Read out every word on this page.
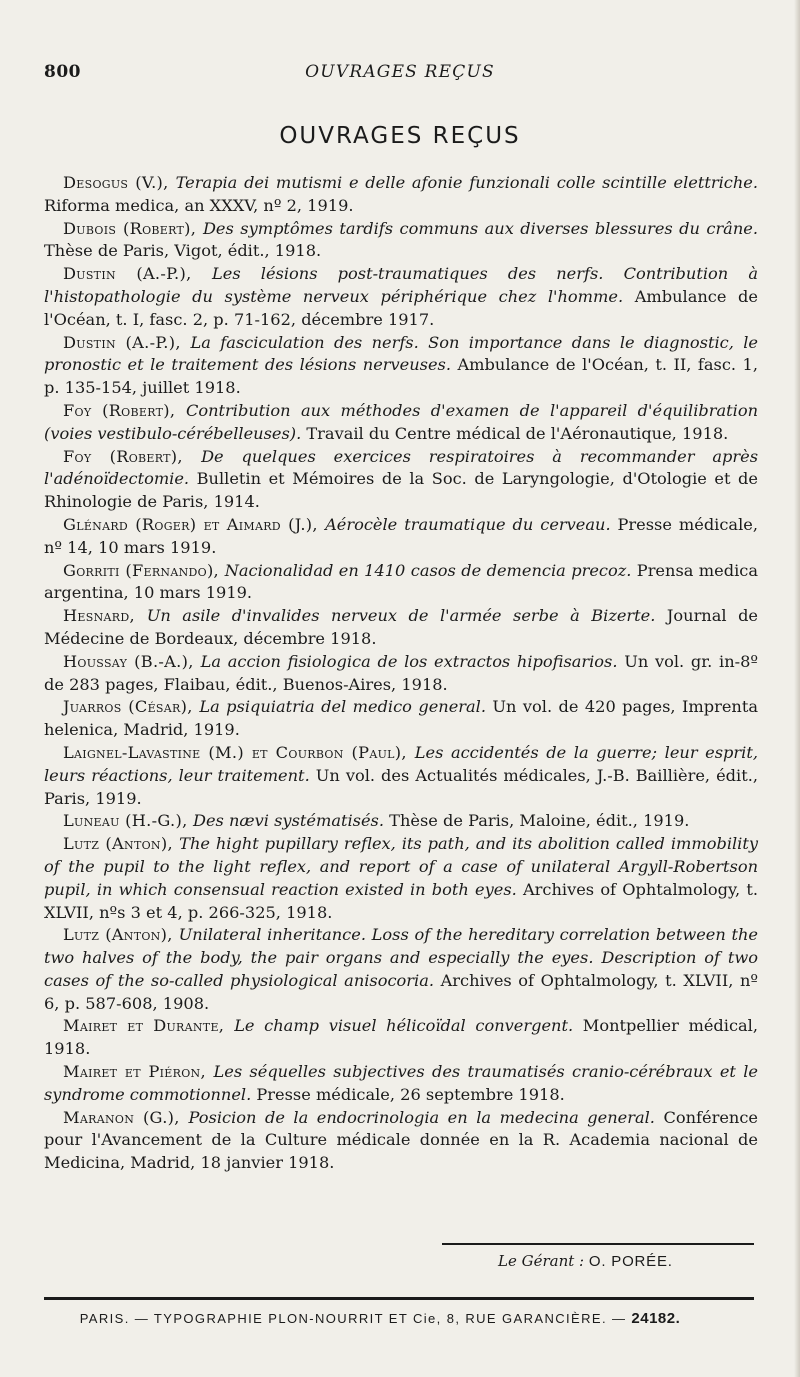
800	OUVRAGES REÇUS
OUVRAGES REÇUS

Desogus (V.), Terapia dei mutismi e delle afonie funzionali colle scintille elettriche. Riforma medica, an XXXV, nº 2, 1919.

Dubois (Robert), Des symptômes tardifs communs aux diverses blessures du crâne. Thèse de Paris, Vigot, édit., 1918.

Dustin (A.-P.), Les lésions post-traumatiques des nerfs. Contribution à l'histopathologie du système nerveux périphérique chez l'homme. Ambulance de l'Océan, t. I, fasc. 2, p. 71-162, décembre 1917.

Dustin (A.-P.), La fasciculation des nerfs. Son importance dans le diagnostic, le pronostic et le traitement des lésions nerveuses. Ambulance de l'Océan, t. II, fasc. 1, p. 135-154, juillet 1918.

Foy (Robert), Contribution aux méthodes d'examen de l'appareil d'équilibration (voies vestibulo-cérébelleuses). Travail du Centre médical de l'Aéronautique, 1918.

Foy (Robert), De quelques exercices respiratoires à recommander après l'adénoïdectomie. Bulletin et Mémoires de la Soc. de Laryngologie, d'Otologie et de Rhinologie de Paris, 1914.

Glénard (Roger) et Aimard (J.), Aérocèle traumatique du cerveau. Presse médicale, nº 14, 10 mars 1919.

Gorriti (Fernando), Nacionalidad en 1410 casos de demencia precoz. Prensa medica argentina, 10 mars 1919.

Hesnard, Un asile d'invalides nerveux de l'armée serbe à Bizerte. Journal de Médecine de Bordeaux, décembre 1918.

Houssay (B.-A.), La accion fisiologica de los extractos hipofisarios. Un vol. gr. in-8º de 283 pages, Flaibau, édit., Buenos-Aires, 1918.

Juarros (César), La psiquiatria del medico general. Un vol. de 420 pages, Imprenta helenica, Madrid, 1919.

Laignel-Lavastine (M.) et Courbon (Paul), Les accidentés de la guerre; leur esprit, leurs réactions, leur traitement. Un vol. des Actualités médicales, J.-B. Baillière, édit., Paris, 1919.

Luneau (H.-G.), Des nævi systématisés. Thèse de Paris, Maloine, édit., 1919.

Lutz (Anton), The hight pupillary reflex, its path, and its abolition called immobility of the pupil to the light reflex, and report of a case of unilateral Argyll-Robertson pupil, in which consensual reaction existed in both eyes. Archives of Ophtalmology, t. XLVII, nºs 3 et 4, p. 266-325, 1918.

Lutz (Anton), Unilateral inheritance. Loss of the hereditary correlation between the two halves of the body, the pair organs and especially the eyes. Description of two cases of the so-called physiological anisocoria. Archives of Ophtalmology, t. XLVII, nº 6, p. 587-608, 1908.

Mairet et Durante, Le champ visuel hélicoïdal convergent. Montpellier médical, 1918.

Mairet et Piéron, Les séquelles subjectives des traumatisés cranio-cérébraux et le syndrome commotionnel. Presse médicale, 26 septembre 1918.

Maranon (G.), Posicion de la endocrinologia en la medecina general. Conférence pour l'Avancement de la Culture médicale donnée en la R. Academia nacional de Medicina, Madrid, 18 janvier 1918.

Le Gérant : O. PORÉE.
PARIS. — TYPOGRAPHIE PLON-NOURRIT ET Cie, 8, RUE GARANCIÈRE. — 24182.
